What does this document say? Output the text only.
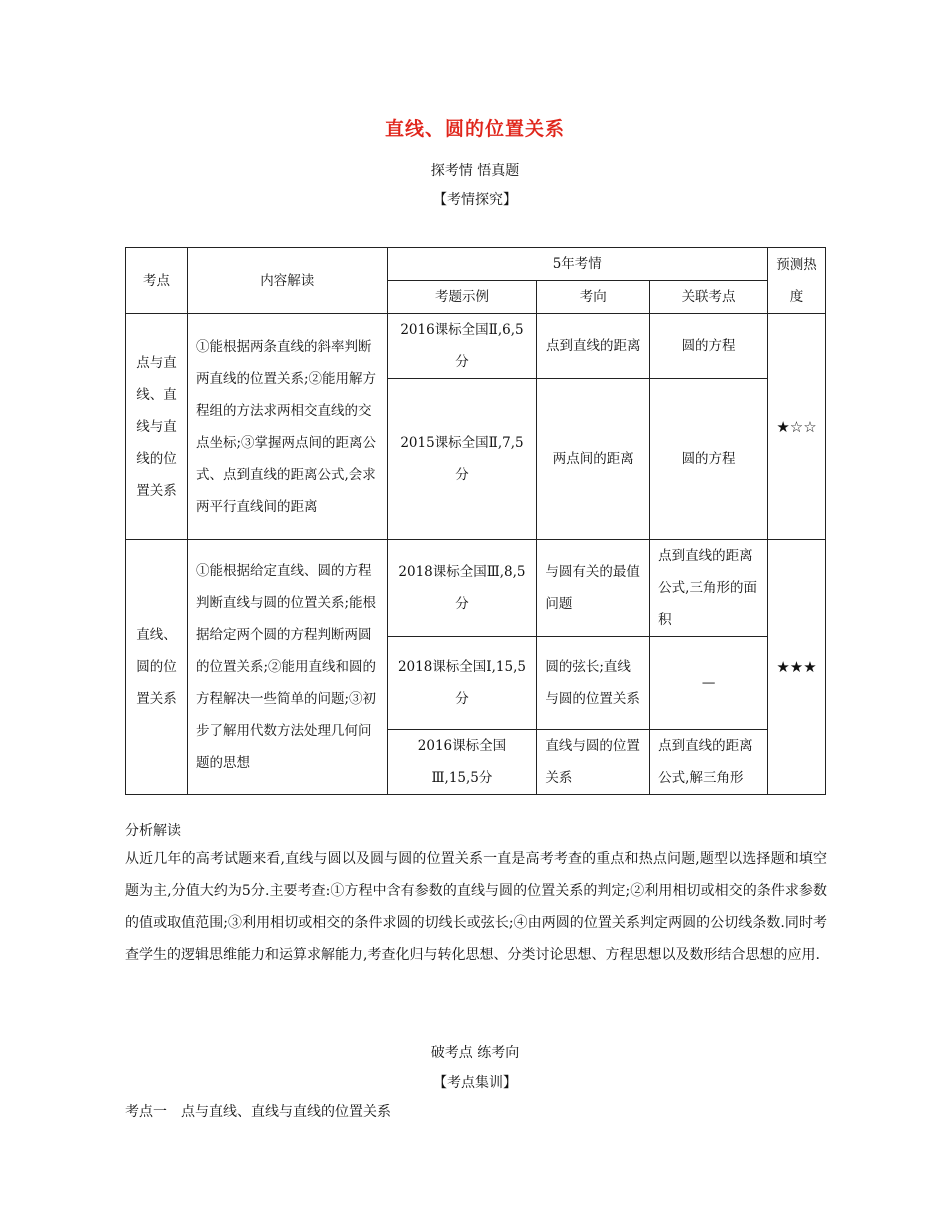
直线、圆的位置关系
探考情 悟真题
【考情探究】
考点	内容解读	5年考情			预测热度
		考题示例	考向	关联考点	
点与直线、直线与直线的位置关系	①能根据两条直线的斜率判断两直线的位置关系;②能用解方程组的方法求两相交直线的交点坐标;③掌握两点间的距离公式、点到直线的距离公式,会求两平行直线间的距离	2016课标全国Ⅱ,6,5分	点到直线的距离	圆的方程	★☆☆
		2015课标全国Ⅱ,7,5分	两点间的距离	圆的方程	
直线、圆的位置关系	①能根据给定直线、圆的方程判断直线与圆的位置关系;能根据给定两个圆的方程判断两圆的位置关系;②能用直线和圆的方程解决一些简单的问题;③初步了解用代数方法处理几何问题的思想	2018课标全国Ⅲ,8,5分	与圆有关的最值问题	点到直线的距离公式,三角形的面积	★★★
		2018课标全国Ⅰ,15,5分	圆的弦长;直线与圆的位置关系	—	
		2016课标全国Ⅲ,15,5分	直线与圆的位置关系	点到直线的距离公式,解三角形	
分析解读
从近几年的高考试题来看,直线与圆以及圆与圆的位置关系一直是高考考查的重点和热点问题,题型以选择题和填空题为主,分值大约为5分.主要考查:①方程中含有参数的直线与圆的位置关系的判定;②利用相切或相交的条件求参数的值或取值范围;③利用相切或相交的条件求圆的切线长或弦长;④由两圆的位置关系判定两圆的公切线条数.同时考查学生的逻辑思维能力和运算求解能力,考查化归与转化思想、分类讨论思想、方程思想以及数形结合思想的应用.
破考点 练考向
【考点集训】
考点一　点与直线、直线与直线的位置关系
